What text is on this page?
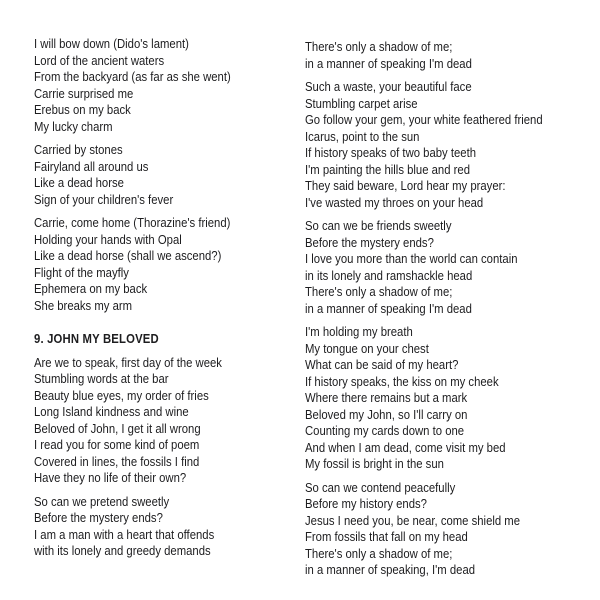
I will bow down (Dido's lament)
Lord of the ancient waters
From the backyard (as far as she went)
Carrie surprised me
Erebus on my back
My lucky charm
Carried by stones
Fairyland all around us
Like a dead horse
Sign of your children's fever
Carrie, come home (Thorazine's friend)
Holding your hands with Opal
Like a dead horse (shall we ascend?)
Flight of the mayfly
Ephemera on my back
She breaks my arm
9. JOHN MY BELOVED
Are we to speak, first day of the week
Stumbling words at the bar
Beauty blue eyes, my order of fries
Long Island kindness and wine
Beloved of John, I get it all wrong
I read you for some kind of poem
Covered in lines, the fossils I find
Have they no life of their own?
So can we pretend sweetly
Before the mystery ends?
I am a man with a heart that offends
with its lonely and greedy demands
There's only a shadow of me;
in a manner of speaking I'm dead
Such a waste, your beautiful face
Stumbling carpet arise
Go follow your gem, your white feathered friend
Icarus, point to the sun
If history speaks of two baby teeth
I'm painting the hills blue and red
They said beware, Lord hear my prayer:
I've wasted my throes on your head
So can we be friends sweetly
Before the mystery ends?
I love you more than the world can contain
in its lonely and ramshackle head
There's only a shadow of me;
in a manner of speaking I'm dead
I'm holding my breath
My tongue on your chest
What can be said of my heart?
If history speaks, the kiss on my cheek
Where there remains but a mark
Beloved my John, so I'll carry on
Counting my cards down to one
And when I am dead, come visit my bed
My fossil is bright in the sun
So can we contend peacefully
Before my history ends?
Jesus I need you, be near, come shield me
From fossils that fall on my head
There's only a shadow of me;
in a manner of speaking, I'm dead
